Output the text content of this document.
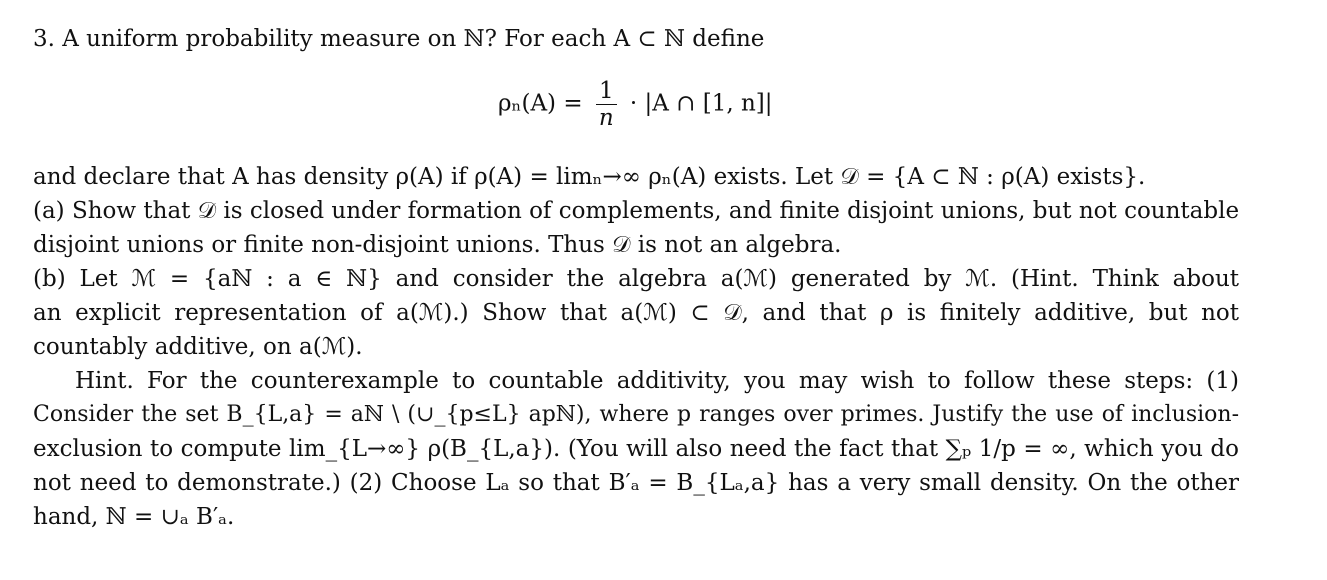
3. A uniform probability measure on ℕ? For each A ⊂ ℕ define
$\rho_n(A) = \frac{1}{n} \cdot |A$ ∩ [1, n]|
and declare that A has density ρ(A) if ρ(A) = limₙ→∞ ρₙ(A) exists. Let 𝒟 = {A ⊂ ℕ : ρ(A) exists}.
(a) Show that 𝒟 is closed under formation of complements, and finite disjoint unions, but not countable
disjoint unions or finite non-disjoint unions. Thus 𝒟 is not an algebra.
(b) Let ℳ = {aℕ : a ∈ ℕ} and consider the algebra a(ℳ) generated by ℳ. (Hint. Think about
an explicit representation of a(ℳ).) Show that a(ℳ) ⊂ 𝒟, and that ρ is finitely additive, but not
countably additive, on a(ℳ).
Hint. For the counterexample to countable additivity, you may wish to follow these steps: (1)
Consider the set B_{L,a} = aℕ \ (∪_{p≤L} apℕ), where p ranges over primes. Justify the use of inclusion-
exclusion to compute lim_{L→∞} ρ(B_{L,a}). (You will also need the fact that ∑ₚ 1/p = ∞, which you do
not need to demonstrate.) (2) Choose Lₐ so that B′ₐ = B_{Lₐ,a} has a very small density. On the other
hand, ℕ = ∪ₐ B′ₐ.
